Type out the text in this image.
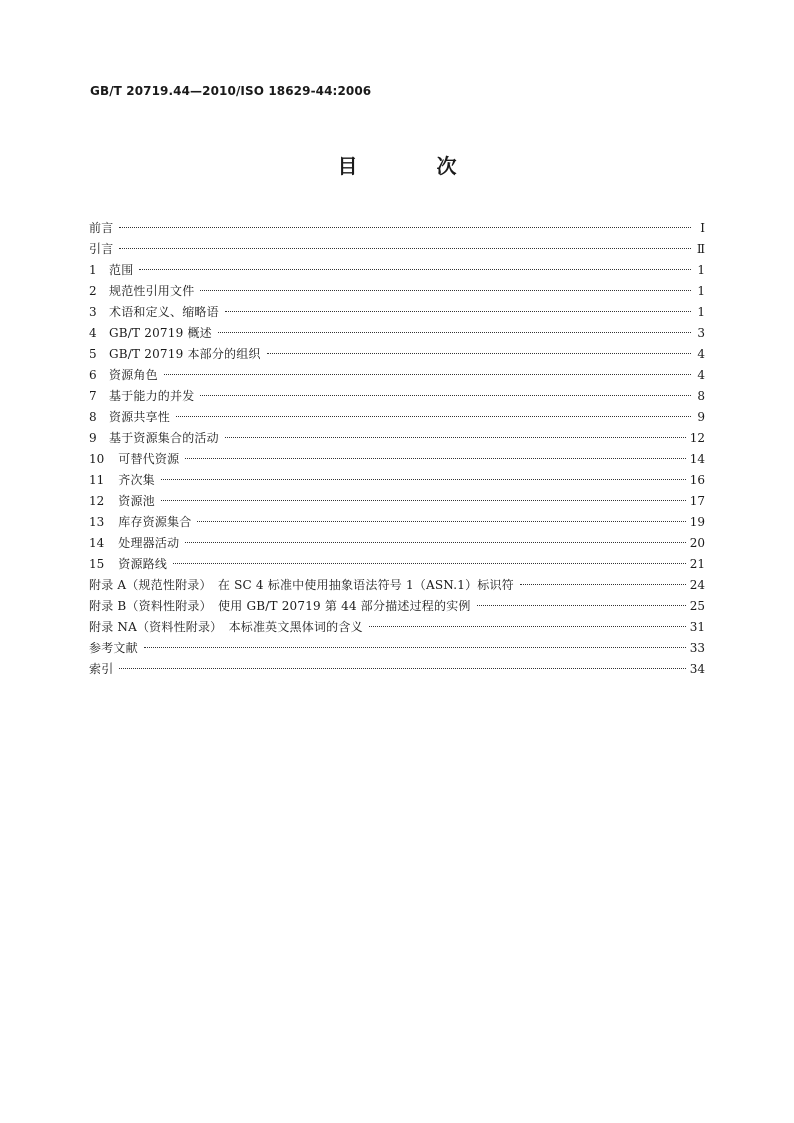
GB/T 20719.44—2010/ISO 18629-44:2006
目 次
前言	Ⅰ
引言	Ⅱ
1 范围	1
2 规范性引用文件	1
3 术语和定义、缩略语	1
4 GB/T 20719 概述	3
5 GB/T 20719 本部分的组织	4
6 资源角色	4
7 基于能力的并发	8
8 资源共享性	9
9 基于资源集合的活动	12
10 可替代资源	14
11 齐次集	16
12 资源池	17
13 库存资源集合	19
14 处理器活动	20
15 资源路线	21
附录 A（规范性附录）　在 SC 4 标准中使用抽象语法符号 1（ASN.1）标识符	24
附录 B（资料性附录）　使用 GB/T 20719 第 44 部分描述过程的实例	25
附录 NA（资料性附录）　本标准英文黑体词的含义	31
参考文献	33
索引	34
